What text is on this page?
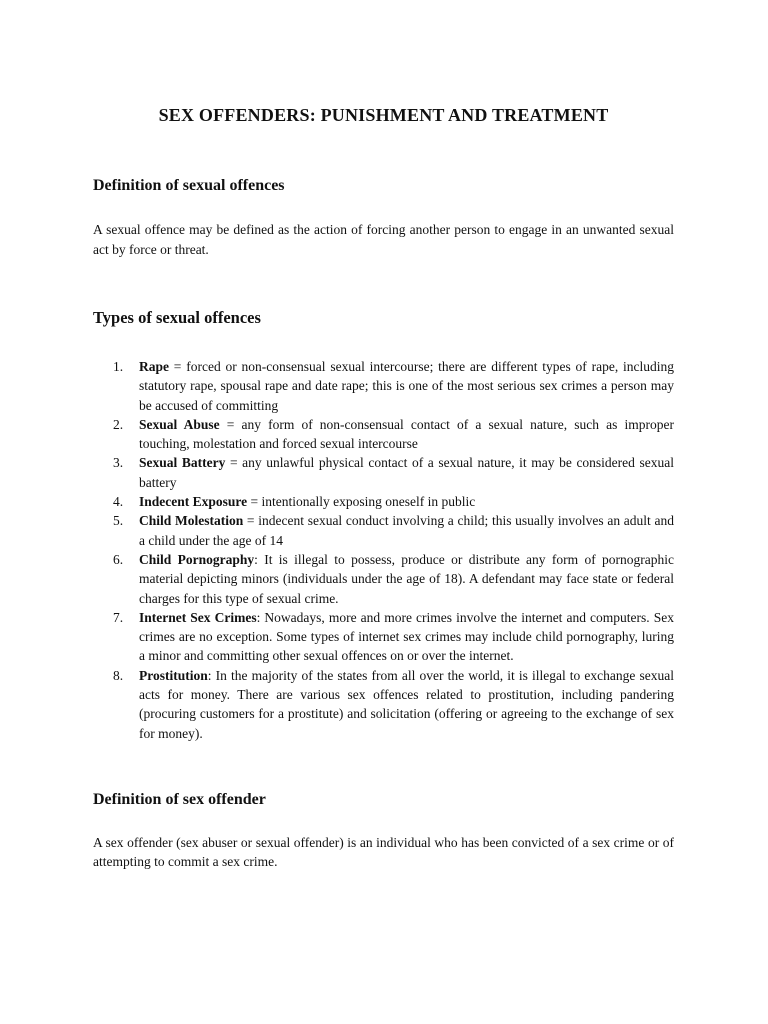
SEX OFFENDERS: PUNISHMENT AND TREATMENT
Definition of sexual offences

A sexual offence may be defined as the action of forcing another person to engage in an unwanted sexual act by force or threat.

Types of sexual offences
1. Rape = forced or non-consensual sexual intercourse; there are different types of rape, including statutory rape, spousal rape and date rape; this is one of the most serious sex crimes a person may be accused of committing
2. Sexual Abuse = any form of non-consensual contact of a sexual nature, such as improper touching, molestation and forced sexual intercourse
3. Sexual Battery = any unlawful physical contact of a sexual nature, it may be considered sexual battery
4. Indecent Exposure = intentionally exposing oneself in public
5. Child Molestation = indecent sexual conduct involving a child; this usually involves an adult and a child under the age of 14
6. Child Pornography: It is illegal to possess, produce or distribute any form of pornographic material depicting minors (individuals under the age of 18). A defendant may face state or federal charges for this type of sexual crime.
7. Internet Sex Crimes: Nowadays, more and more crimes involve the internet and computers. Sex crimes are no exception. Some types of internet sex crimes may include child pornography, luring a minor and committing other sexual offences on or over the internet.
8. Prostitution: In the majority of the states from all over the world, it is illegal to exchange sexual acts for money. There are various sex offences related to prostitution, including pandering (procuring customers for a prostitute) and solicitation (offering or agreeing to the exchange of sex for money).
Definition of sex offender

A sex offender (sex abuser or sexual offender) is an individual who has been convicted of a sex crime or of attempting to commit a sex crime.
